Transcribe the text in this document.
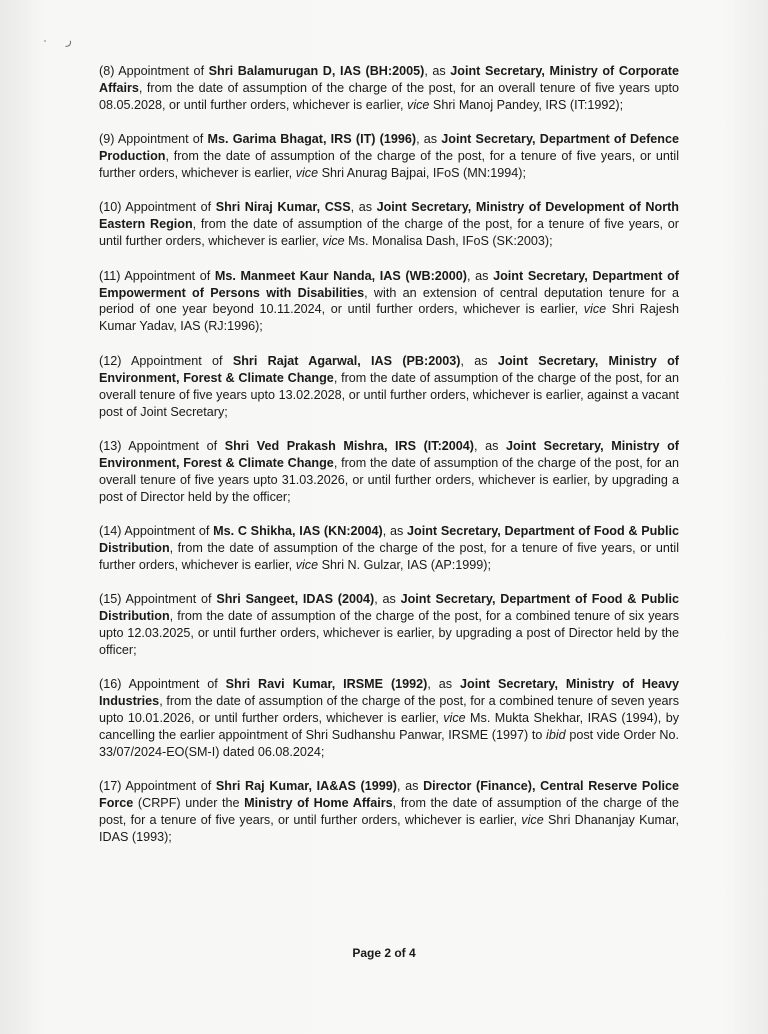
ر

(8) Appointment of Shri Balamurugan D, IAS (BH:2005), as Joint Secretary, Ministry of Corporate Affairs, from the date of assumption of the charge of the post, for an overall tenure of five years upto 08.05.2028, or until further orders, whichever is earlier, vice Shri Manoj Pandey, IRS (IT:1992);

(9) Appointment of Ms. Garima Bhagat, IRS (IT) (1996), as Joint Secretary, Department of Defence Production, from the date of assumption of the charge of the post, for a tenure of five years, or until further orders, whichever is earlier, vice Shri Anurag Bajpai, IFoS (MN:1994);

(10) Appointment of Shri Niraj Kumar, CSS, as Joint Secretary, Ministry of Development of North Eastern Region, from the date of assumption of the charge of the post, for a tenure of five years, or until further orders, whichever is earlier, vice Ms. Monalisa Dash, IFoS (SK:2003);

(11) Appointment of Ms. Manmeet Kaur Nanda, IAS (WB:2000), as Joint Secretary, Department of Empowerment of Persons with Disabilities, with an extension of central deputation tenure for a period of one year beyond 10.11.2024, or until further orders, whichever is earlier, vice Shri Rajesh Kumar Yadav, IAS (RJ:1996);

(12) Appointment of Shri Rajat Agarwal, IAS (PB:2003), as Joint Secretary, Ministry of Environment, Forest & Climate Change, from the date of assumption of the charge of the post, for an overall tenure of five years upto 13.02.2028, or until further orders, whichever is earlier, against a vacant post of Joint Secretary;

(13) Appointment of Shri Ved Prakash Mishra, IRS (IT:2004), as Joint Secretary, Ministry of Environment, Forest & Climate Change, from the date of assumption of the charge of the post, for an overall tenure of five years upto 31.03.2026, or until further orders, whichever is earlier, by upgrading a post of Director held by the officer;

(14) Appointment of Ms. C Shikha, IAS (KN:2004), as Joint Secretary, Department of Food & Public Distribution, from the date of assumption of the charge of the post, for a tenure of five years, or until further orders, whichever is earlier, vice Shri N. Gulzar, IAS (AP:1999);

(15) Appointment of Shri Sangeet, IDAS (2004), as Joint Secretary, Department of Food & Public Distribution, from the date of assumption of the charge of the post, for a combined tenure of six years upto 12.03.2025, or until further orders, whichever is earlier, by upgrading a post of Director held by the officer;

(16) Appointment of Shri Ravi Kumar, IRSME (1992), as Joint Secretary, Ministry of Heavy Industries, from the date of assumption of the charge of the post, for a combined tenure of seven years upto 10.01.2026, or until further orders, whichever is earlier, vice Ms. Mukta Shekhar, IRAS (1994), by cancelling the earlier appointment of Shri Sudhanshu Panwar, IRSME (1997) to ibid post vide Order No. 33/07/2024-EO(SM-I) dated 06.08.2024;

(17) Appointment of Shri Raj Kumar, IA&AS (1999), as Director (Finance), Central Reserve Police Force (CRPF) under the Ministry of Home Affairs, from the date of assumption of the charge of the post, for a tenure of five years, or until further orders, whichever is earlier, vice Shri Dhananjay Kumar, IDAS (1993);

Page 2 of 4
